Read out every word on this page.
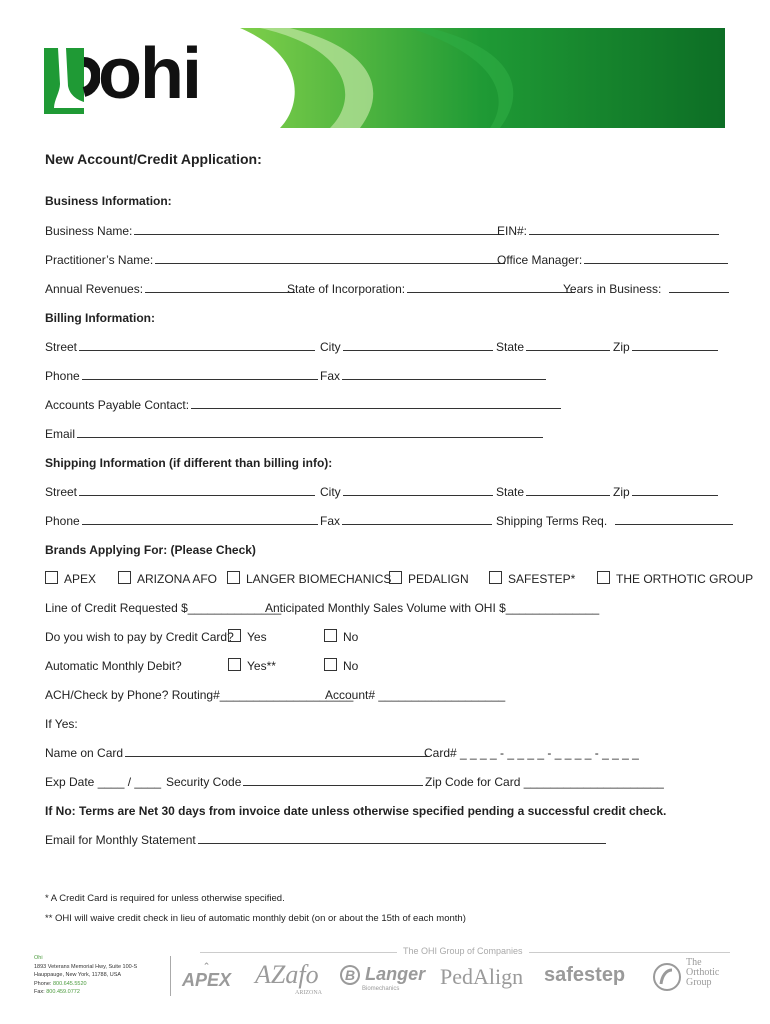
ohi
New Account/Credit Application:
Business Information:
Business Name:	EIN#:
Practitioner’s Name:	Office Manager:
Annual Revenues:	State of Incorporation:	Years in Business:
Billing Information:
Street	City	State	Zip
Phone	Fax
Accounts Payable Contact:
Email
Shipping Information (if different than billing info):
Street	City	State	Zip
Phone	Fax	Shipping Terms Req.
Brands Applying For: (Please Check)
APEX	ARIZONA AFO	LANGER BIOMECHANICS	PEDALIGN	SAFESTEP*	THE ORTHOTIC GROUP
Line of Credit Requested $______________
Anticipated Monthly Sales Volume with OHI $______________
Do you wish to pay by Credit Card?	Yes	No
Automatic Monthly Debit?	Yes**	No
ACH/Check by Phone? Routing#____________________
Account# ___________________
If Yes:
Name on Card	Card# _ _ _ _ - _ _ _ _ - _ _ _ _ - _ _ _ _
Exp Date ____ / ____ Security Code	Zip Code for Card _____________________
If No: Terms are Net 30 days from invoice date unless otherwise specified pending a successful credit check.
Email for Monthly Statement
* A Credit Card is required for unless otherwise specified.
** OHI will waive credit check in lieu of automatic monthly debit (on or about the 15th of each month)
The OHI Group of Companies
Ohi
1893 Veterans Memorial Hwy, Suite 100-S
Hauppauge, New York, 11788, USA
Phone: 800.645.5520
Fax: 800.459.0772
⌃
APEX AZafo
ARIZONA
B Langer
Biomechanics PedAlign safestep
The Orthotic Group
